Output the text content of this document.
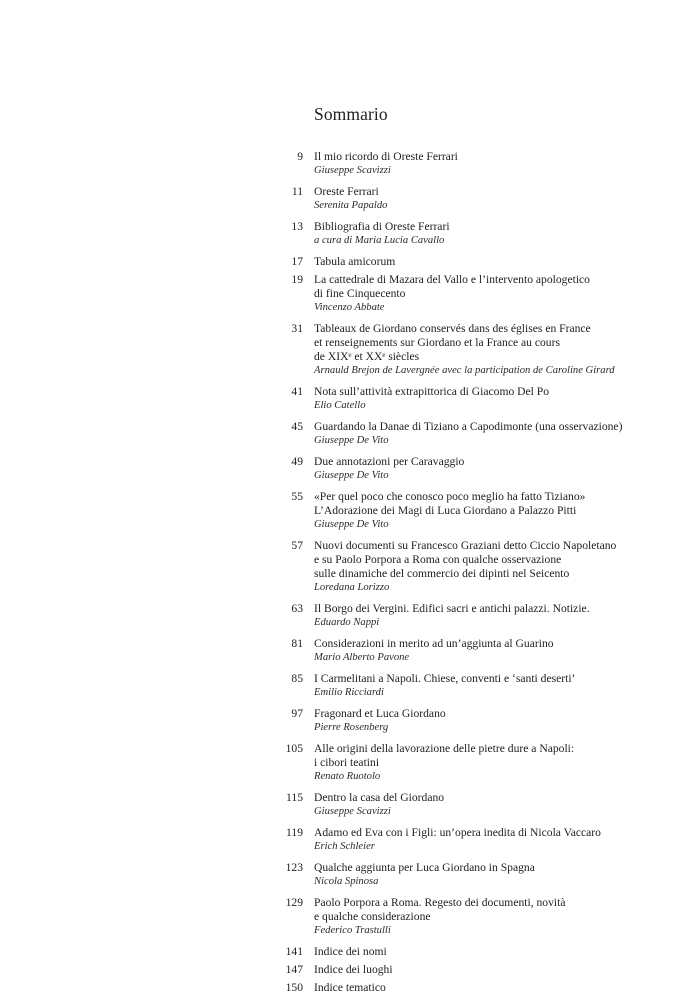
Sommario
9 Il mio ricordo di Oreste Ferrari
Giuseppe Scavizzi
11 Oreste Ferrari
Serenita Papaldo
13 Bibliografia di Oreste Ferrari
a cura di Maria Lucia Cavallo
17 Tabula amicorum
19 La cattedrale di Mazara del Vallo e l’intervento apologetico
di fine Cinquecento
Vincenzo Abbate
31 Tableaux de Giordano conservés dans des églises en France
et renseignements sur Giordano et la France au cours
de XIXᵉ et XXᵉ siècles
Arnauld Brejon de Lavergnée avec la participation de Caroline Girard
41 Nota sull’attività extrapittorica di Giacomo Del Po
Elio Catello
45 Guardando la Danae di Tiziano a Capodimonte (una osservazione)
Giuseppe De Vito
49 Due annotazioni per Caravaggio
Giuseppe De Vito
55 «Per quel poco che conosco poco meglio ha fatto Tiziano»
L’Adorazione dei Magi di Luca Giordano a Palazzo Pitti
Giuseppe De Vito
57 Nuovi documenti su Francesco Graziani detto Ciccio Napoletano
e su Paolo Porpora a Roma con qualche osservazione
sulle dinamiche del commercio dei dipinti nel Seicento
Loredana Lorizzo
63 Il Borgo dei Vergini. Edifici sacri e antichi palazzi. Notizie.
Eduardo Nappi
81 Considerazioni in merito ad un’aggiunta al Guarino
Mario Alberto Pavone
85 I Carmelitani a Napoli. Chiese, conventi e ‘santi deserti’
Emilio Ricciardi
97 Fragonard et Luca Giordano
Pierre Rosenberg
105 Alle origini della lavorazione delle pietre dure a Napoli:
i cibori teatini
Renato Ruotolo
115 Dentro la casa del Giordano
Giuseppe Scavizzi
119 Adamo ed Eva con i Figli: un’opera inedita di Nicola Vaccaro
Erich Schleier
123 Qualche aggiunta per Luca Giordano in Spagna
Nicola Spinosa
129 Paolo Porpora a Roma. Regesto dei documenti, novità
e qualche considerazione
Federico Trastulli
141 Indice dei nomi
147 Indice dei luoghi
150 Indice tematico
